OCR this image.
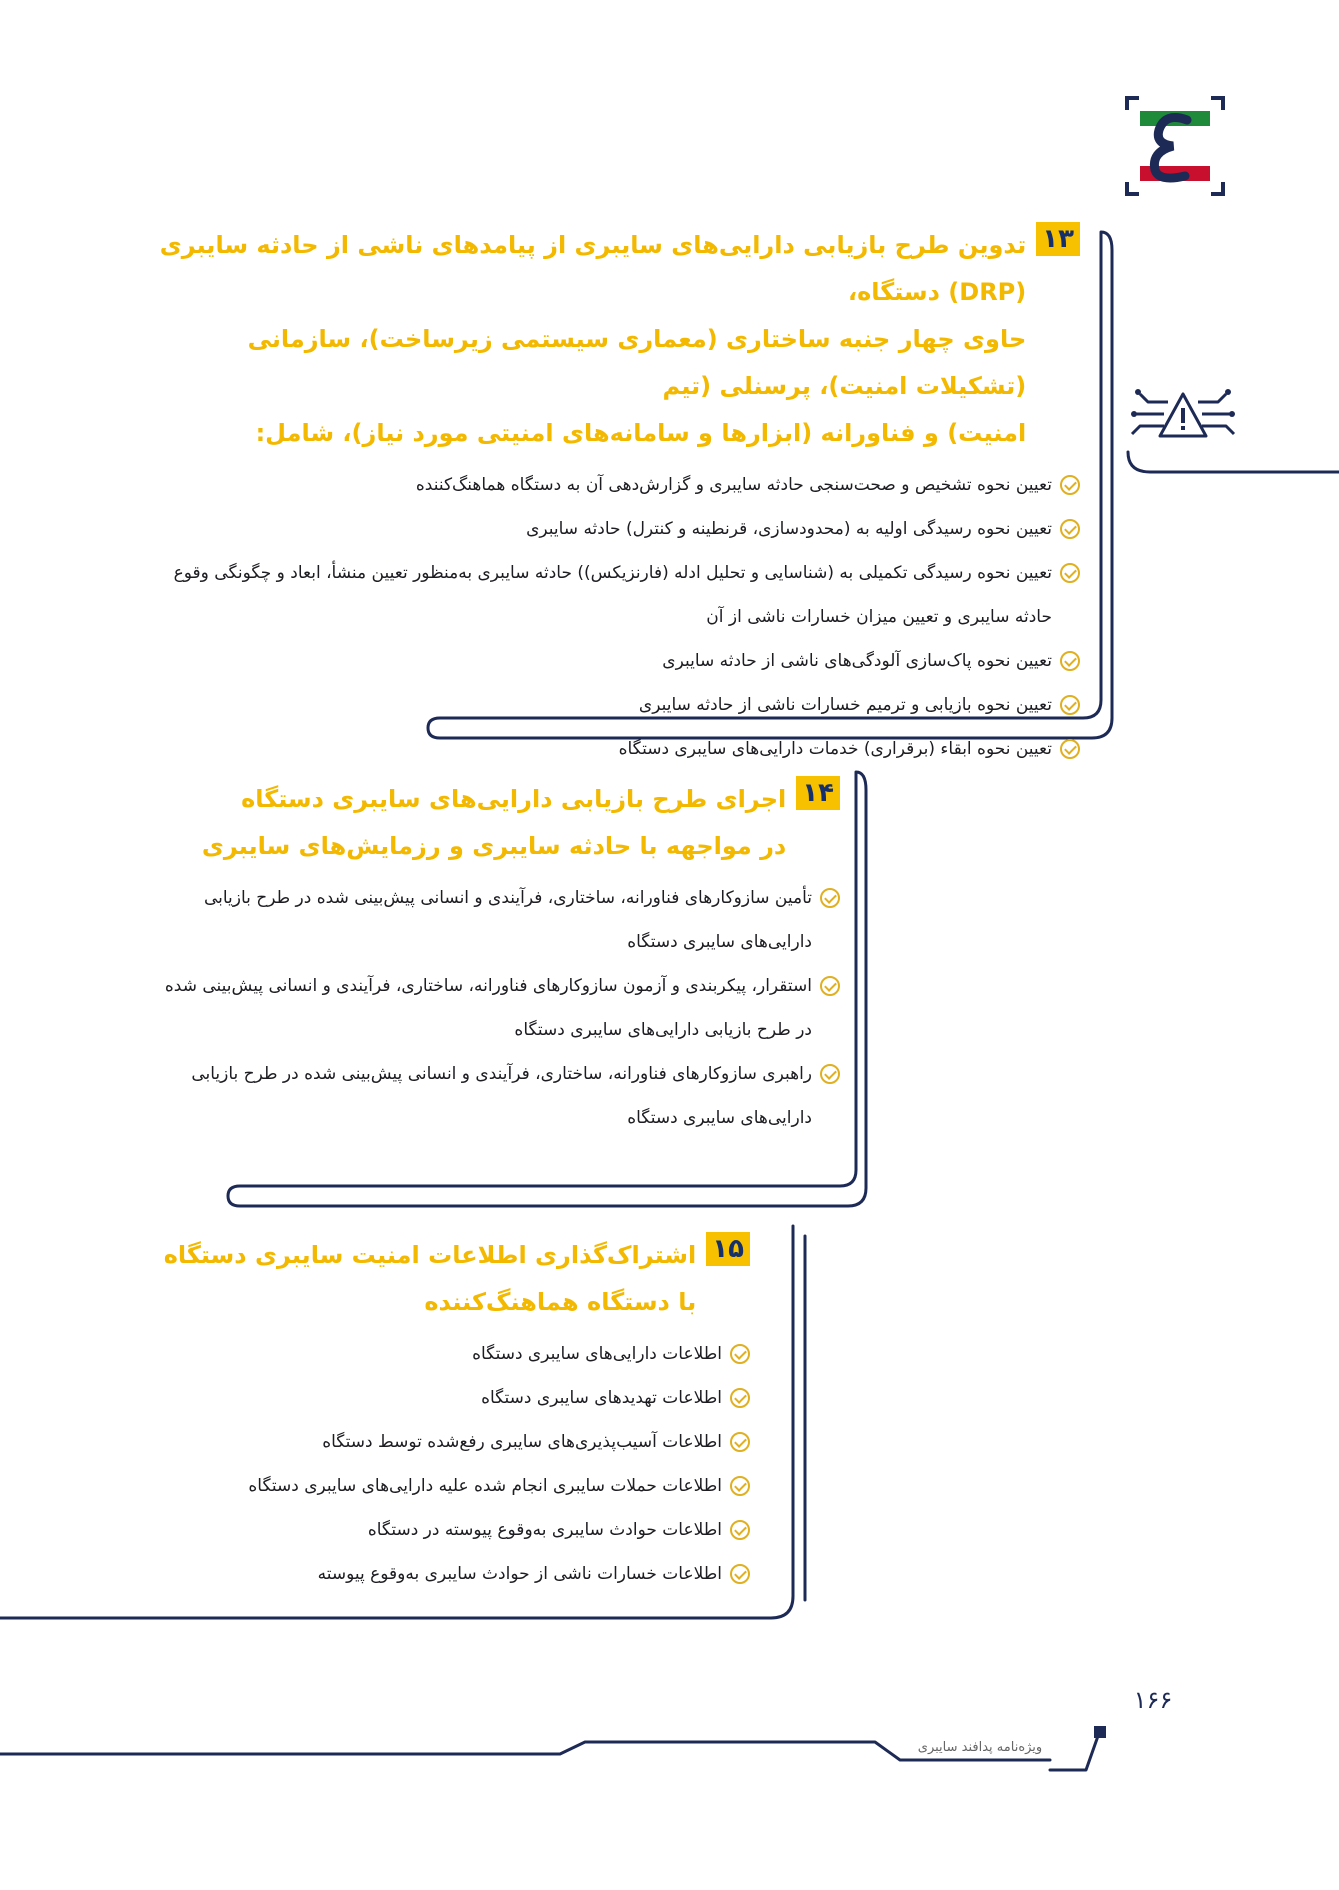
۱۳
تدوین طرح بازیابی دارایی‌های سایبری از پیامدهای ناشی از حادثه سایبری (DRP) دستگاه،
حاوی چهار جنبه ساختاری (معماری سیستمی زیرساخت)، سازمانی (تشکیلات امنیت)، پرسنلی (تیم
امنیت) و فناورانه (ابزارها و سامانه‌های امنیتی مورد نیاز)، شامل:
تعیین نحوه تشخیص و صحت‌سنجی حادثه سایبری و گزارش‌دهی آن به دستگاه هماهنگ‌کننده
تعیین نحوه رسیدگی اولیه به (محدودسازی، قرنطینه و کنترل) حادثه سایبری
تعیین نحوه رسیدگی تکمیلی به (شناسایی و تحلیل ادله (فارنزیکس)) حادثه سایبری به‌منظور تعیین منشأ، ابعاد و چگونگی وقوع حادثه سایبری و تعیین میزان خسارات ناشی از آن
تعیین نحوه پاک‌سازی آلودگی‌های ناشی از حادثه سایبری
تعیین نحوه بازیابی و ترمیم خسارات ناشی از حادثه سایبری
تعیین نحوه ابقاء (برقراری) خدمات دارایی‌های سایبری دستگاه
۱۴
اجرای طرح بازیابی دارایی‌های سایبری دستگاه
در مواجهه با حادثه سایبری و رزمایش‌های سایبری
تأمین سازوکارهای فناورانه، ساختاری، فرآیندی و انسانی پیش‌بینی شده در طرح بازیابی دارایی‌های سایبری دستگاه
استقرار، پیکربندی و آزمون سازوکارهای فناورانه، ساختاری، فرآیندی و انسانی پیش‌بینی شده در طرح بازیابی دارایی‌های سایبری دستگاه
راهبری سازوکارهای فناورانه، ساختاری، فرآیندی و انسانی پیش‌بینی شده در طرح بازیابی دارایی‌های سایبری دستگاه
۱۵
اشتراک‌گذاری اطلاعات امنیت سایبری دستگاه
با دستگاه هماهنگ‌کننده
اطلاعات دارایی‌های سایبری دستگاه
اطلاعات تهدیدهای سایبری دستگاه
اطلاعات آسیب‌پذیری‌های سایبری رفع‌شده توسط دستگاه
اطلاعات حملات سایبری انجام شده علیه دارایی‌های سایبری دستگاه
اطلاعات حوادث سایبری به‌وقوع پیوسته در دستگاه
اطلاعات خسارات ناشی از حوادث سایبری به‌وقوع پیوسته
۱۶۶
ویژه‌نامه پدافند سایبری
